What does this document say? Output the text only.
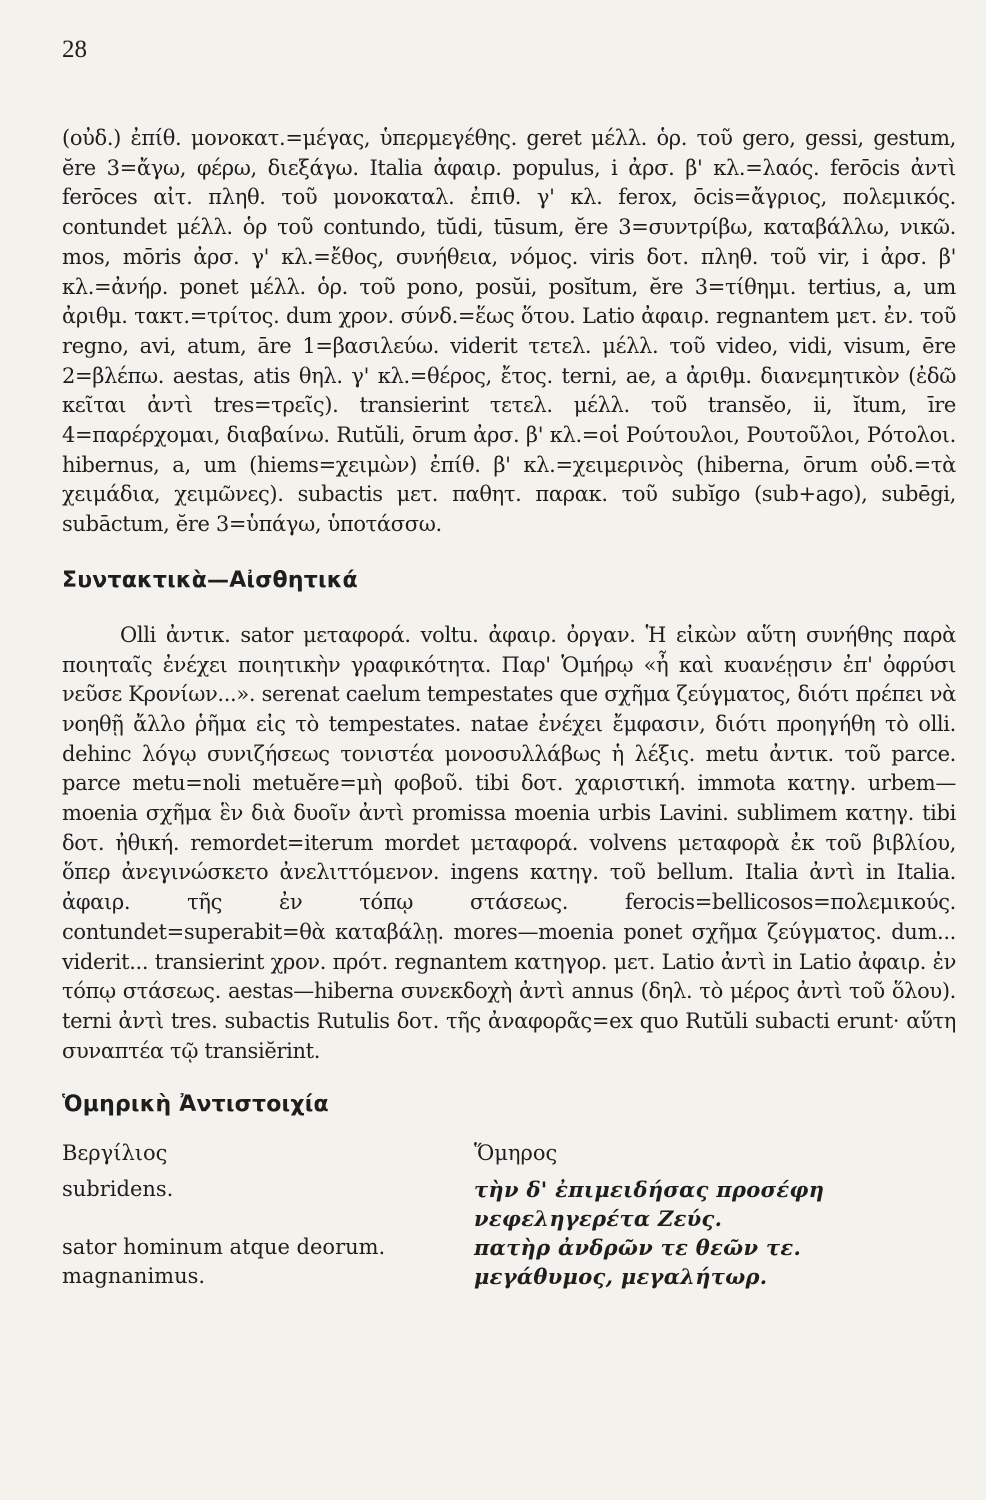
28

(οὐδ.) ἐπίθ. μονοκατ.=μέγας, ὑπερμεγέθης. geret μέλλ. ὁρ. τοῦ gero, gessi, gestum, ĕre 3=ἄγω, φέρω, διεξάγω. Italia ἀφαιρ. populus, i ἀρσ. β' κλ.=λαός. ferōcis ἀντὶ ferōces αἰτ. πληθ. τοῦ μονοκαταλ. ἐπιθ. γ' κλ. ferox, ōcis=ἄγριος, πολεμικός. contundet μέλλ. ὁρ τοῦ contundo, tŭdi, tūsum, ĕre 3=συντρίβω, καταβάλλω, νικῶ. mos, mōris ἀρσ. γ' κλ.=ἔθος, συνήθεια, νόμος. viris δοτ. πληθ. τοῦ vir, i ἀρσ. β' κλ.=ἀνήρ. ponet μέλλ. ὁρ. τοῦ pono, posŭi, posĭtum, ĕre 3=τίθημι. tertius, a, um ἀριθμ. τακτ.=τρίτος. dum χρον. σύνδ.=ἕως ὅτου. Latio ἀφαιρ. regnantem μετ. ἐν. τοῦ regno, avi, atum, āre 1=βασιλεύω. viderit τετελ. μέλλ. τοῦ video, vidi, visum, ēre 2=βλέπω. aestas, atis θηλ. γ' κλ.=θέρος, ἔτος. terni, ae, a ἀριθμ. διανεμητικὸν (ἐδῶ κεῖται ἀντὶ tres=τρεῖς). transierint τετελ. μέλλ. τοῦ transĕo, ii, ĭtum, īre 4=παρέρχομαι, διαβαίνω. Rutŭli, ōrum ἀρσ. β' κλ.=οἱ Ρούτουλοι, Ρουτοῦλοι, Ρότολοι. hibernus, a, um (hiems=χειμὼν) ἐπίθ. β' κλ.=χειμερινὸς (hiberna, ōrum οὐδ.=τὰ χειμάδια, χειμῶνες). subactis μετ. παθητ. παρακ. τοῦ subĭgo (sub+ago), subēgi, subāctum, ĕre 3=ὑπάγω, ὑποτάσσω.

Συντακτικὰ—Αἰσθητικά

Olli ἀντικ. sator μεταφορά. voltu. ἀφαιρ. ὀργαν. Ἡ εἰκὼν αὕτη συνήθης παρὰ ποιηταῖς ἐνέχει ποιητικὴν γραφικότητα. Παρ' Ὁμήρῳ «ἦ καὶ κυανέῃσιν ἐπ' ὀφρύσι νεῦσε Κρονίων...». serenat caelum tempestates que σχῆμα ζεύγματος, διότι πρέπει νὰ νοηθῇ ἄλλο ῥῆμα εἰς τὸ tempestates. natae ἐνέχει ἔμφασιν, διότι προηγήθη τὸ olli. dehinc λόγῳ συνιζήσεως τονιστέα μονοσυλλάβως ἡ λέξις. metu ἀντικ. τοῦ parce. parce metu=noli metuĕre=μὴ φοβοῦ. tibi δοτ. χαριστική. immota κατηγ. urbem—moenia σχῆμα ἓν διὰ δυοῖν ἀντὶ promissa moenia urbis Lavini. sublimem κατηγ. tibi δοτ. ἠθική. remordet=iterum mordet μεταφορά. volvens μεταφορὰ ἐκ τοῦ βιβλίου, ὅπερ ἀνεγινώσκετο ἀνελιττόμενον. ingens κατηγ. τοῦ bellum. Italia ἀντὶ in Italia. ἀφαιρ. τῆς ἐν τόπῳ στάσεως. ferocis=bellicosos=πολεμικούς. contundet=superabit=θὰ καταβάλῃ. mores—moenia ponet σχῆμα ζεύγματος. dum... viderit... transierint χρον. πρότ. regnantem κατηγορ. μετ. Latio ἀντὶ in Latio ἀφαιρ. ἐν τόπῳ στάσεως. aestas—hiberna συνεκδοχὴ ἀντὶ annus (δηλ. τὸ μέρος ἀντὶ τοῦ ὅλου). terni ἀντὶ tres. subactis Rutulis δοτ. τῆς ἀναφορᾶς=ex quo Rutŭli subacti erunt· αὕτη συναπτέα τῷ transiĕrint.

Ὁμηρικὴ Ἀντιστοιχία
Βεργίλιος	Ὅμηρος
subridens.	τὴν δ' ἐπιμειδήσας προσέφη
νεφεληγερέτα Ζεύς.
sator hominum atque deorum.	πατὴρ ἀνδρῶν τε θεῶν τε.
magnanimus.	μεγάθυμος, μεγαλήτωρ.
